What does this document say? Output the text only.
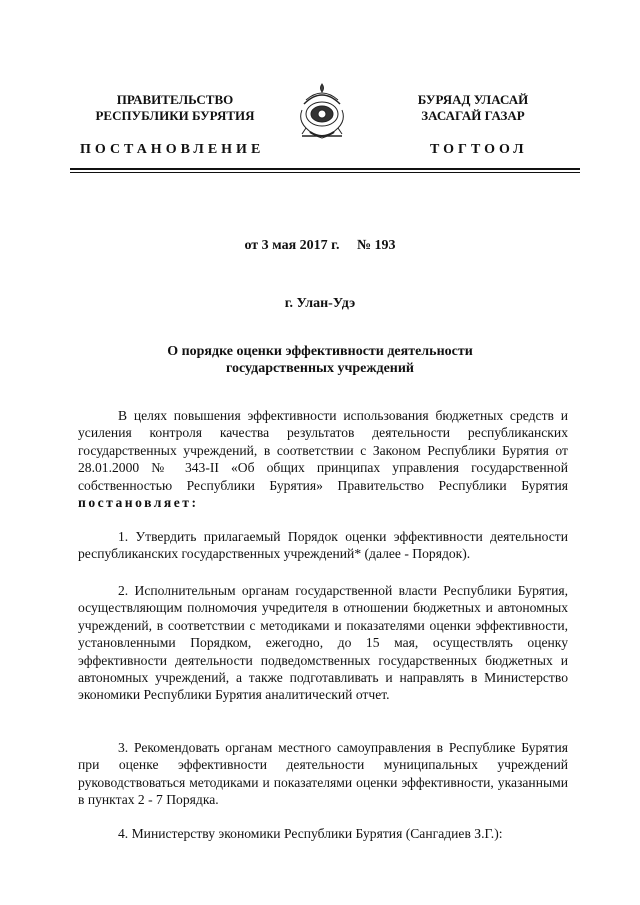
ПРАВИТЕЛЬСТВО
РЕСПУБЛИКИ БУРЯТИЯ
ПОСТАНОВЛЕНИЕ
БУРЯАД УЛАСАЙ
ЗАСАГАЙ ГАЗАР
ТОГТООЛ
от 3 мая 2017 г. № 193
г. Улан-Удэ
О порядке оценки эффективности деятельности
государственных учреждений

В целях повышения эффективности использования бюджетных средств и усиления контроля качества результатов деятельности республиканских государственных учреждений, в соответствии с Законом Республики Бурятия от 28.01.2000 № 343-II «Об общих принципах управления государственной собственностью Республики Бурятия» Правительство Республики Бурятия постановляет:

1. Утвердить прилагаемый Порядок оценки эффективности деятельности республиканских государственных учреждений* (далее - Порядок).

2. Исполнительным органам государственной власти Республики Бурятия, осуществляющим полномочия учредителя в отношении бюджетных и автономных учреждений, в соответствии с методиками и показателями оценки эффективности, установленными Порядком, ежегодно, до 15 мая, осуществлять оценку эффективности деятельности подведомственных государственных бюджетных и автономных учреждений, а также подготавливать и направлять в Министерство экономики Республики Бурятия аналитический отчет.

3. Рекомендовать органам местного самоуправления в Республике Бурятия при оценке эффективности деятельности муниципальных учреждений руководствоваться методиками и показателями оценки эффективности, указанными в пунктах 2 - 7 Порядка.

4. Министерству экономики Республики Бурятия (Сангадиев З.Г.):
